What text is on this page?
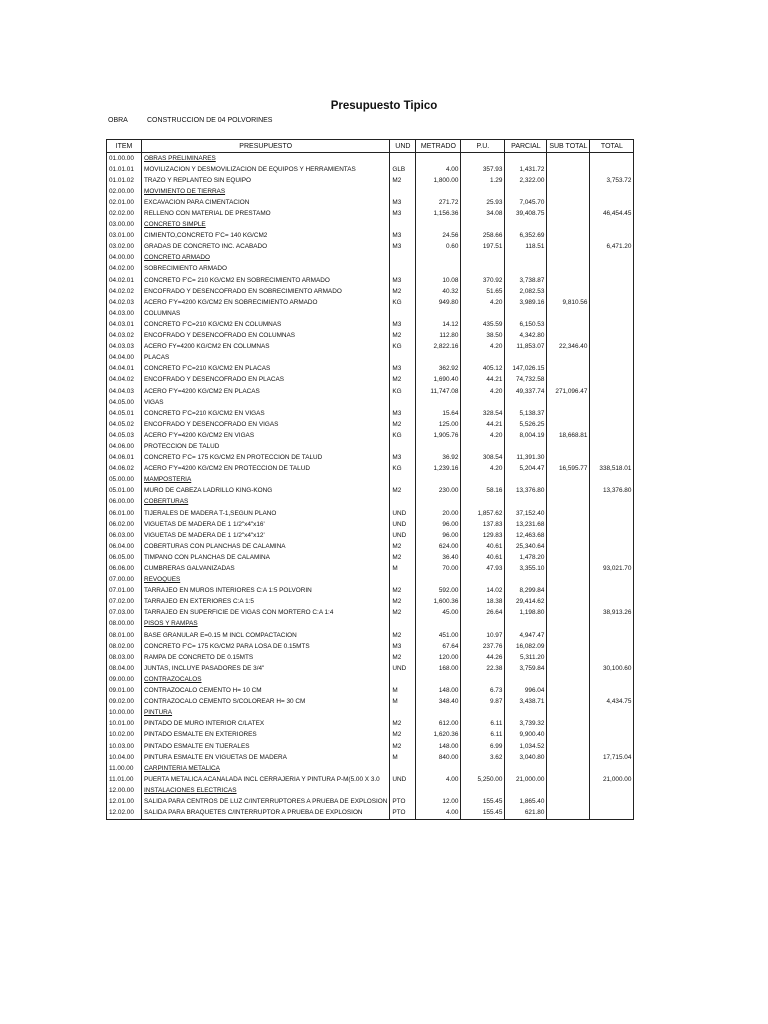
Presupuesto Tipico
OBRA	CONSTRUCCION DE 04 POLVORINES
ITEM	PRESUPUESTO	UND	METRADO	P.U.	PARCIAL	SUB TOTAL	TOTAL
01.00.00	OBRAS PRELIMINARES						
01.01.01	MOVILIZACION Y DESMOVILIZACION DE EQUIPOS Y HERRAMIENTAS	GLB	4.00	357.93	1,431.72		
01.01.02	TRAZO Y REPLANTEO SIN EQUIPO	M2	1,800.00	1.29	2,322.00		3,753.72
02.00.00	MOVIMIENTO DE TIERRAS						
02.01.00	EXCAVACION PARA CIMENTACION	M3	271.72	25.93	7,045.70		
02.02.00	RELLENO CON MATERIAL DE PRESTAMO	M3	1,156.36	34.08	39,408.75		46,454.45
03.00.00	CONCRETO SIMPLE						
03.01.00	CIMIENTO,CONCRETO F'C= 140 KG/CM2	M3	24.56	258.66	6,352.69		
03.02.00	GRADAS DE CONCRETO INC. ACABADO	M3	0.60	197.51	118.51		6,471.20
04.00.00	CONCRETO ARMADO						
04.02.00	SOBRECIMIENTO ARMADO						
04.02.01	CONCRETO F'C= 210 KG/CM2 EN SOBRECIMIENTO ARMADO	M3	10.08	370.92	3,738.87		
04.02.02	ENCOFRADO Y DESENCOFRADO EN SOBRECIMIENTO ARMADO	M2	40.32	51.65	2,082.53		
04.02.03	ACERO F'Y=4200 KG/CM2 EN SOBRECIMIENTO ARMADO	KG	949.80	4.20	3,989.16	9,810.56	
04.03.00	COLUMNAS						
04.03.01	CONCRETO F'C=210 KG/CM2 EN COLUMNAS	M3	14.12	435.59	6,150.53		
04.03.02	ENCOFRADO Y DESENCOFRADO EN COLUMNAS	M2	112.80	38.50	4,342.80		
04.03.03	ACERO FY=4200 KG/CM2 EN COLUMNAS	KG	2,822.16	4.20	11,853.07	22,346.40	
04.04.00	PLACAS						
04.04.01	CONCRETO F'C=210 KG/CM2 EN PLACAS	M3	362.92	405.12	147,026.15		
04.04.02	ENCOFRADO Y DESENCOFRADO EN PLACAS	M2	1,690.40	44.21	74,732.58		
04.04.03	ACERO F'Y=4200 KG/CM2 EN PLACAS	KG	11,747.08	4.20	49,337.74	271,096.47	
04.05.00	VIGAS						
04.05.01	CONCRETO F'C=210 KG/CM2 EN VIGAS	M3	15.64	328.54	5,138.37		
04.05.02	ENCOFRADO Y DESENCOFRADO EN VIGAS	M2	125.00	44.21	5,526.25		
04.05.03	ACERO F'Y=4200 KG/CM2 EN VIGAS	KG	1,905.76	4.20	8,004.19	18,668.81	
04.06.00	PROTECCION DE TALUD						
04.06.01	CONCRETO F'C= 175 KG/CM2 EN PROTECCION DE TALUD	M3	36.92	308.54	11,391.30		
04.06.02	ACERO F'Y=4200 KG/CM2 EN PROTECCION DE TALUD	KG	1,239.16	4.20	5,204.47	16,595.77	338,518.01
05.00.00	MAMPOSTERIA						
05.01.00	MURO DE CABEZA LADRILLO KING-KONG	M2	230.00	58.16	13,376.80		13,376.80
06.00.00	COBERTURAS						
06.01.00	TIJERALES DE MADERA T-1,SEGUN PLANO	UND	20.00	1,857.62	37,152.40		
06.02.00	VIGUETAS DE MADERA DE 1 1/2"x4"x16'	UND	96.00	137.83	13,231.68		
06.03.00	VIGUETAS DE MADERA DE 1 1/2"x4"x12'	UND	96.00	129.83	12,463.68		
06.04.00	COBERTURAS CON PLANCHAS DE CALAMINA	M2	624.00	40.61	25,340.64		
06.05.00	TIMPANO CON PLANCHAS DE CALAMINA	M2	36.40	40.61	1,478.20		
06.06.00	CUMBRERAS GALVANIZADAS	M	70.00	47.93	3,355.10		93,021.70
07.00.00	REVOQUES						
07.01.00	TARRAJEO EN MUROS INTERIORES C:A 1:5 POLVORIN	M2	592.00	14.02	8,299.84		
07.02.00	TARRAJEO EN EXTERIORES C:A 1:5	M2	1,600.36	18.38	29,414.62		
07.03.00	TARRAJEO EN SUPERFICIE DE VIGAS CON MORTERO C:A 1:4	M2	45.00	26.64	1,198.80		38,913.26
08.00.00	PISOS Y RAMPAS						
08.01.00	BASE GRANULAR E=0.15 M INCL COMPACTACION	M2	451.00	10.97	4,947.47		
08.02.00	CONCRETO F'C= 175 KG/CM2 PARA LOSA DE 0.15MTS	M3	67.64	237.76	16,082.09		
08.03.00	RAMPA DE CONCRETO DE 0.15MTS	M2	120.00	44.26	5,311.20		
08.04.00	JUNTAS, INCLUYE PASADORES DE 3/4"	UND	168.00	22.38	3,759.84		30,100.60
09.00.00	CONTRAZOCALOS						
09.01.00	CONTRAZOCALO CEMENTO H= 10 CM	M	148.00	6.73	996.04		
09.02.00	CONTRAZOCALO CEMENTO S/COLOREAR H= 30 CM	M	348.40	9.87	3,438.71		4,434.75
10.00.00	PINTURA						
10.01.00	PINTADO DE MURO INTERIOR C/LATEX	M2	612.00	6.11	3,739.32		
10.02.00	PINTADO ESMALTE EN EXTERIORES	M2	1,620.36	6.11	9,900.40		
10.03.00	PINTADO ESMALTE EN TIJERALES	M2	148.00	6.99	1,034.52		
10.04.00	PINTURA ESMALTE EN VIGUETAS DE MADERA	M	840.00	3.62	3,040.80		17,715.04
11.00.00	CARPINTERIA METALICA						
11.01.00	PUERTA METALICA ACANALADA INCL CERRAJERIA Y PINTURA P-M(5.00 X 3.0	UND	4.00	5,250.00	21,000.00		21,000.00
12.00.00	INSTALACIONES ELECTRICAS						
12.01.00	SALIDA PARA CENTROS DE LUZ C/INTERRUPTORES A PRUEBA DE EXPLOSION	PTO	12.00	155.45	1,865.40		
12.02.00	SALIDA PARA BRAQUETES C/INTERRUPTOR A PRUEBA DE EXPLOSION	PTO	4.00	155.45	621.80		
